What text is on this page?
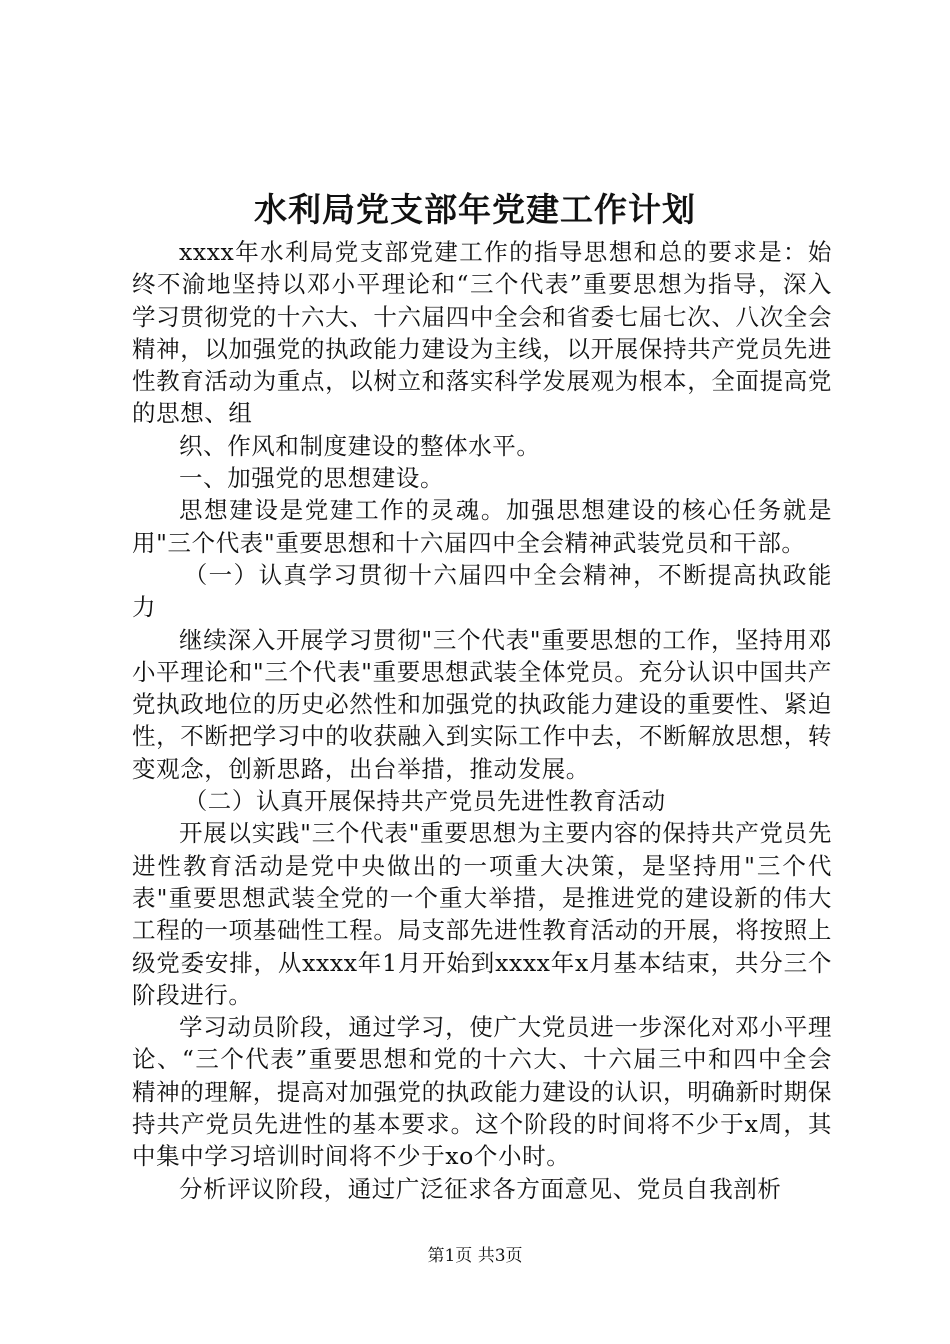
水利局党支部年党建工作计划

xxxx年水利局党支部党建工作的指导思想和总的要求是：始终不渝地坚持以邓小平理论和“三个代表”重要思想为指导，深入学习贯彻党的十六大、十六届四中全会和省委七届七次、八次全会精神，以加强党的执政能力建设为主线，以开展保持共产党员先进性教育活动为重点，以树立和落实科学发展观为根本，全面提高党的思想、组

织、作风和制度建设的整体水平。

一、加强党的思想建设。

思想建设是党建工作的灵魂。加强思想建设的核心任务就是用"三个代表"重要思想和十六届四中全会精神武装党员和干部。

（一）认真学习贯彻十六届四中全会精神，不断提高执政能力

继续深入开展学习贯彻"三个代表"重要思想的工作，坚持用邓小平理论和"三个代表"重要思想武装全体党员。充分认识中国共产党执政地位的历史必然性和加强党的执政能力建设的重要性、紧迫性，不断把学习中的收获融入到实际工作中去，不断解放思想，转变观念，创新思路，出台举措，推动发展。

（二）认真开展保持共产党员先进性教育活动

开展以实践"三个代表"重要思想为主要内容的保持共产党员先进性教育活动是党中央做出的一项重大决策，是坚持用"三个代表"重要思想武装全党的一个重大举措，是推进党的建设新的伟大工程的一项基础性工程。局支部先进性教育活动的开展，将按照上级党委安排，从xxxx年1月开始到xxxx年x月基本结束，共分三个阶段进行。

学习动员阶段，通过学习，使广大党员进一步深化对邓小平理论、“三个代表”重要思想和党的十六大、十六届三中和四中全会精神的理解，提高对加强党的执政能力建设的认识，明确新时期保持共产党员先进性的基本要求。这个阶段的时间将不少于x周，其中集中学习培训时间将不少于xo个小时。

分析评议阶段，通过广泛征求各方面意见、党员自我剖析

第1页 共3页
